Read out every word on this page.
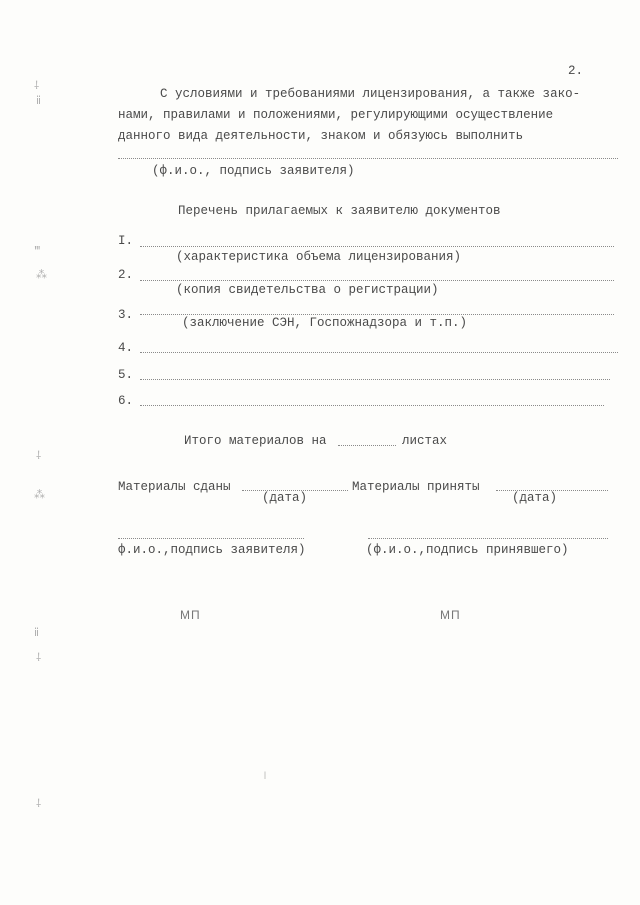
⸸
ⅱ
‴
⁂
⸸
⁂
ⅱ
⸸
⸸
2.
С условиями и требованиями лицензирования, а также зако-
нами, правилами и положениями, регулирующими осуществление
данного вида деятельности, знаком и обязуюсь выполнить
(ф.и.о., подпись заявителя)
Перечень прилагаемых к заявителю документов
I.
(характеристика объема лицензирования)
2.
(копия свидетельства о регистрации)
3.
(заключение СЭН, Госпожнадзора и т.п.)
4.
5.
6.
Итого материалов на	листах
Материалы сданы
(дата)
Материалы приняты
(дата)
ф.и.о.,подпись заявителя)	(ф.и.о.,подпись принявшего)
МП	МП
ǀ
